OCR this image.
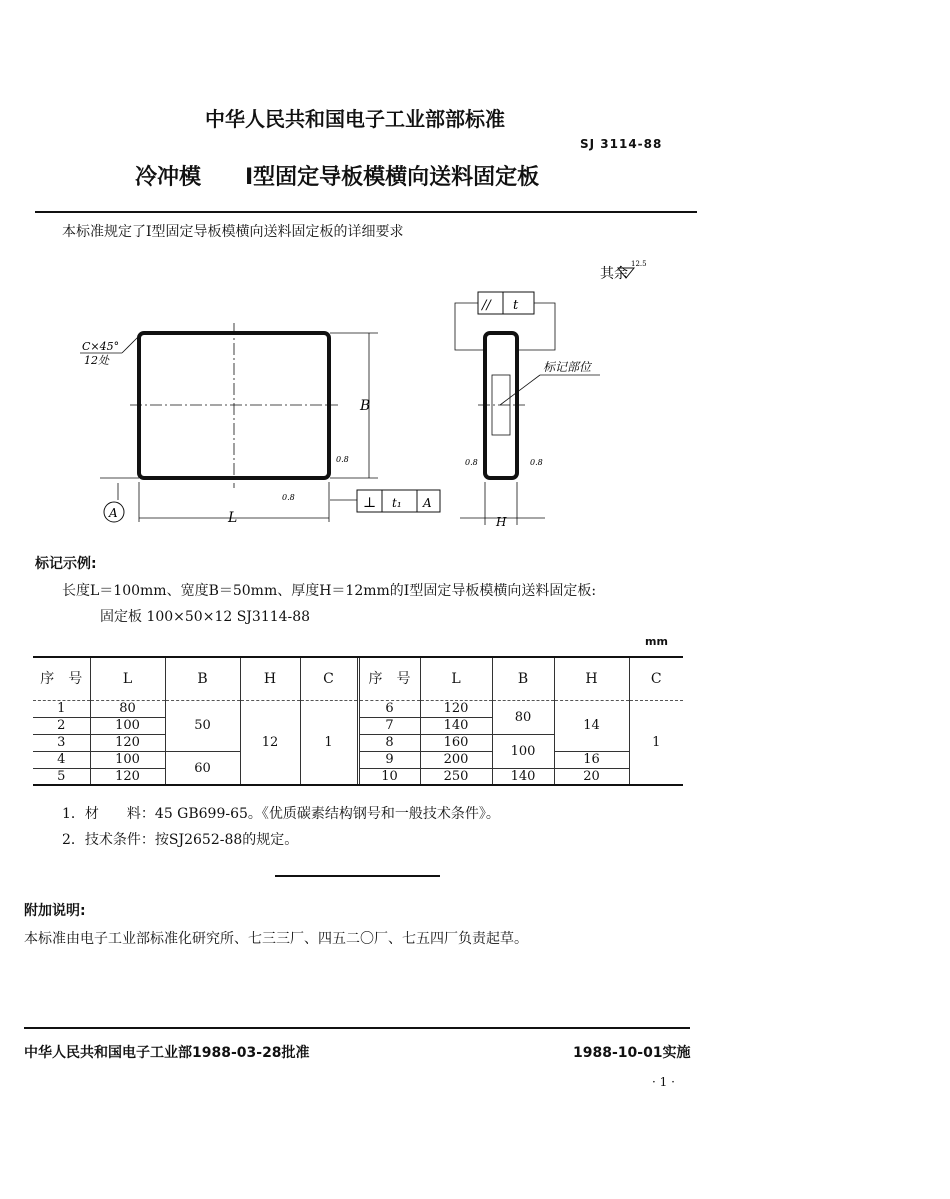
中华人民共和国电子工业部部标准
SJ 3114-88
冷冲模 I型固定导板模横向送料固定板
本标准规定了I型固定导板模横向送料固定板的详细要求
其余
12.5
C×45°
12处
B
L	H
A
0.8
0.8	0.8	0.8
⊥ t₁ A
// t
标记部位
标记示例:
长度L＝100mm、宽度B＝50mm、厚度H＝12mm的I型固定导板模横向送料固定板:
固定板 100×50×12 SJ3114-88
mm
序　号	L	B	H	C	序　号	L	B	H	C
1	80	50	12	1	6	120	80	14	1
2	100				7	140			
3	120				8	160	100		
4	100	60			9	200		16	
5	120				10	250	140	20	
1．材　　料：45 GB699-65。《优质碳素结构钢号和一般技术条件》。
2．技术条件：按SJ2652-88的规定。
附加说明:
本标准由电子工业部标准化研究所、七三三厂、四五二〇厂、七五四厂负责起草。
中华人民共和国电子工业部1988-03-28批准	1988-10-01实施
· 1 ·
